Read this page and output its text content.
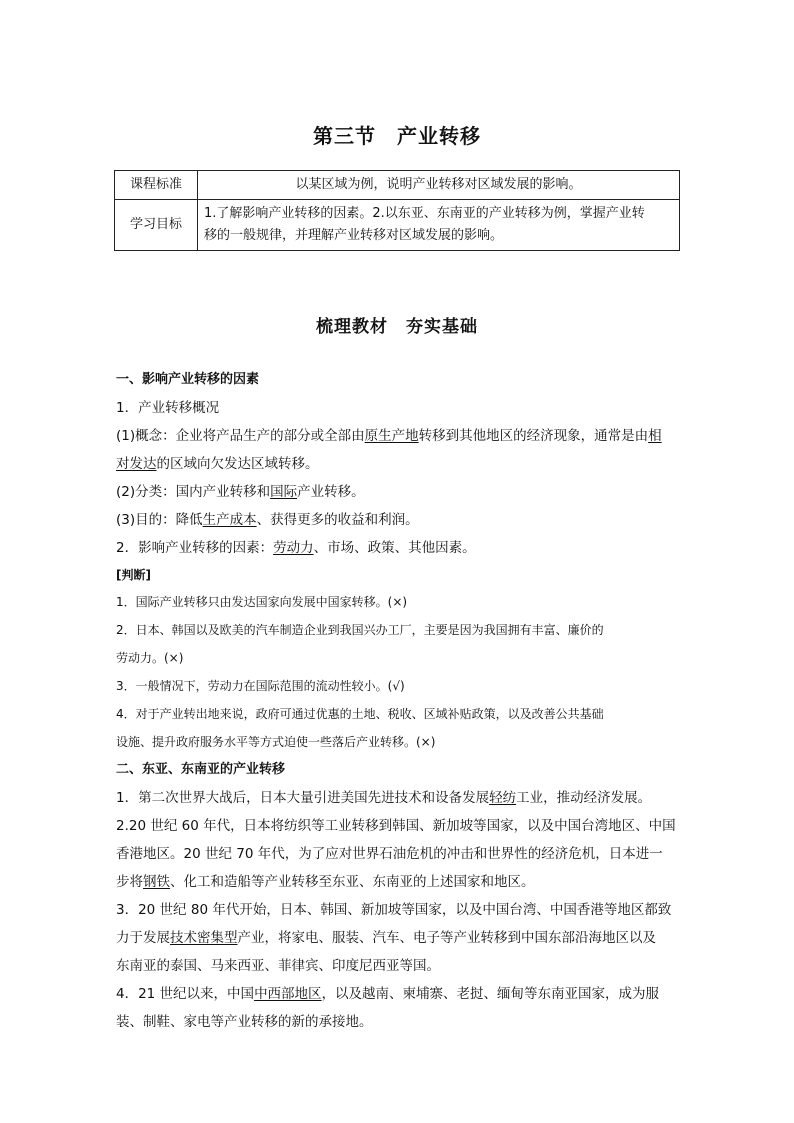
第三节　产业转移
课程标准	以某区域为例，说明产业转移对区域发展的影响。
学习目标	1.了解影响产业转移的因素。2.以东亚、东南亚的产业转移为例，掌握产业转
移的一般规律，并理解产业转移对区域发展的影响。
梳理教材　夯实基础
一、影响产业转移的因素
1．产业转移概况
(1)概念：企业将产品生产的部分或全部由原生产地转移到其他地区的经济现象，通常是由相
对发达的区域向欠发达区域转移。
(2)分类：国内产业转移和国际产业转移。
(3)目的：降低生产成本、获得更多的收益和利润。
2．影响产业转移的因素：劳动力、市场、政策、其他因素。
[判断]
1．国际产业转移只由发达国家向发展中国家转移。(×)
2．日本、韩国以及欧美的汽车制造企业到我国兴办工厂，主要是因为我国拥有丰富、廉价的
劳动力。(×)
3．一般情况下，劳动力在国际范围的流动性较小。(√)
4．对于产业转出地来说，政府可通过优惠的土地、税收、区域补贴政策，以及改善公共基础
设施、提升政府服务水平等方式迫使一些落后产业转移。(×)
二、东亚、东南亚的产业转移
1．第二次世界大战后，日本大量引进美国先进技术和设备发展轻纺工业，推动经济发展。
2.20 世纪 60 年代，日本将纺织等工业转移到韩国、新加坡等国家，以及中国台湾地区、中国
香港地区。20 世纪 70 年代，为了应对世界石油危机的冲击和世界性的经济危机，日本进一
步将钢铁、化工和造船等产业转移至东亚、东南亚的上述国家和地区。
3．20 世纪 80 年代开始，日本、韩国、新加坡等国家，以及中国台湾、中国香港等地区都致
力于发展技术密集型产业，将家电、服装、汽车、电子等产业转移到中国东部沿海地区以及
东南亚的泰国、马来西亚、菲律宾、印度尼西亚等国。
4．21 世纪以来，中国中西部地区，以及越南、柬埔寨、老挝、缅甸等东南亚国家，成为服
装、制鞋、家电等产业转移的新的承接地。
